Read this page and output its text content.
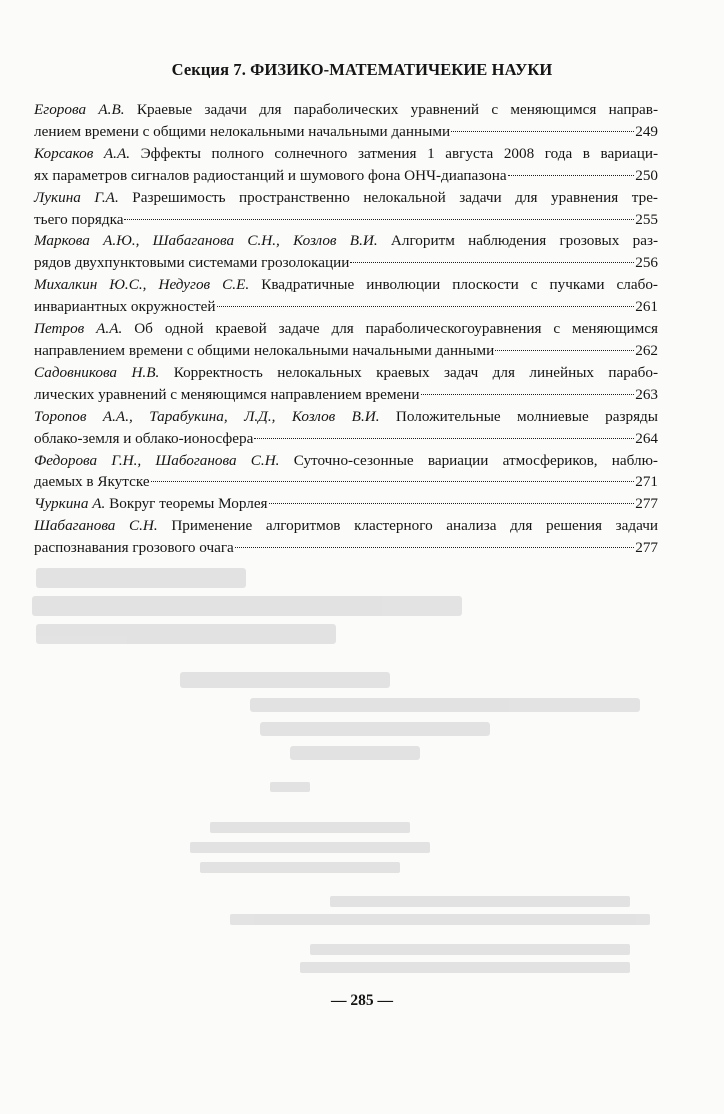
Секция 7. ФИЗИКО-МАТЕМАТИЧЕКИЕ НАУКИ
Егорова А.В. Краевые задачи для параболических уравнений с меняющимся направ-
лением времени с общими нелокальными начальными данными	249
Корсаков А.А. Эффекты полного солнечного затмения 1 августа 2008 года в вариаци-
ях параметров сигналов радиостанций и шумового фона ОНЧ-диапазона	250
Лукина Г.А. Разрешимость пространственно нелокальной задачи для уравнения тре-
тьего порядка	255
Маркова А.Ю., Шабаганова С.Н., Козлов В.И. Алгоритм наблюдения грозовых раз-
рядов двухпунктовыми системами грозолокации	256
Михалкин Ю.С., Недугов С.Е. Квадратичные инволюции плоскости с пучками слабо-
инвариантных окружностей	261
Петров А.А. Об одной краевой задаче для параболическогоуравнения с меняющимся
направлением времени с общими нелокальными начальными данными	262
Садовникова Н.В. Корректность нелокальных краевых задач для линейных парабо-
лических уравнений с меняющимся направлением времени	263
Торопов А.А., Тарабукина, Л.Д., Козлов В.И. Положительные молниевые разряды
облако-земля и облако-ионосфера	264
Федорова Г.Н., Шабоганова С.Н. Суточно-сезонные вариации атмосфериков, наблю-
даемых в Якутске	271
Чуркина А. Вокруг теоремы Морлея	277
Шабаганова С.Н. Применение алгоритмов кластерного анализа для решения задачи
распознавания грозового очага	277
— 285 —
